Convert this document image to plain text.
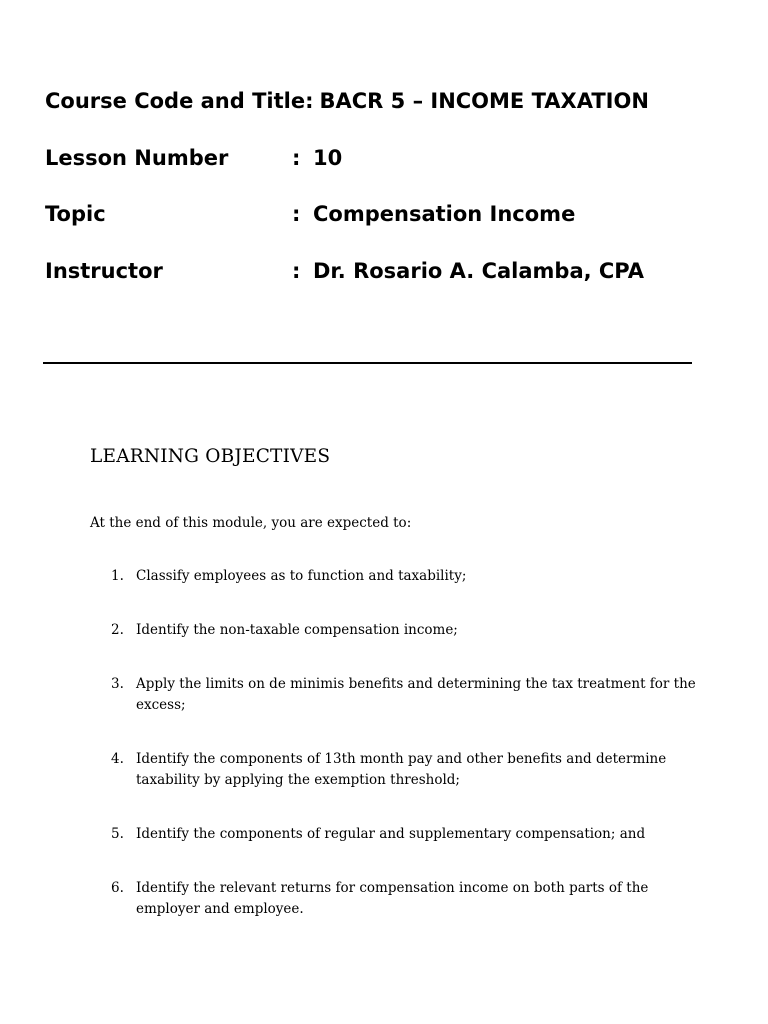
Course Code and Title: BACR 5 – INCOME TAXATION
Lesson Number	: 10
Topic	: Compensation Income
Instructor	: Dr. Rosario A. Calamba, CPA
LEARNING OBJECTIVES
At the end of this module, you are expected to:
1. Classify employees as to function and taxability;
2. Identify the non-taxable compensation income;
3. Apply the limits on de minimis benefits and determining the tax treatment for the excess;
4. Identify the components of 13th month pay and other benefits and determine taxability by applying the exemption threshold;
5. Identify the components of regular and supplementary compensation; and
6. Identify the relevant returns for compensation income on both parts of the employer and employee.
